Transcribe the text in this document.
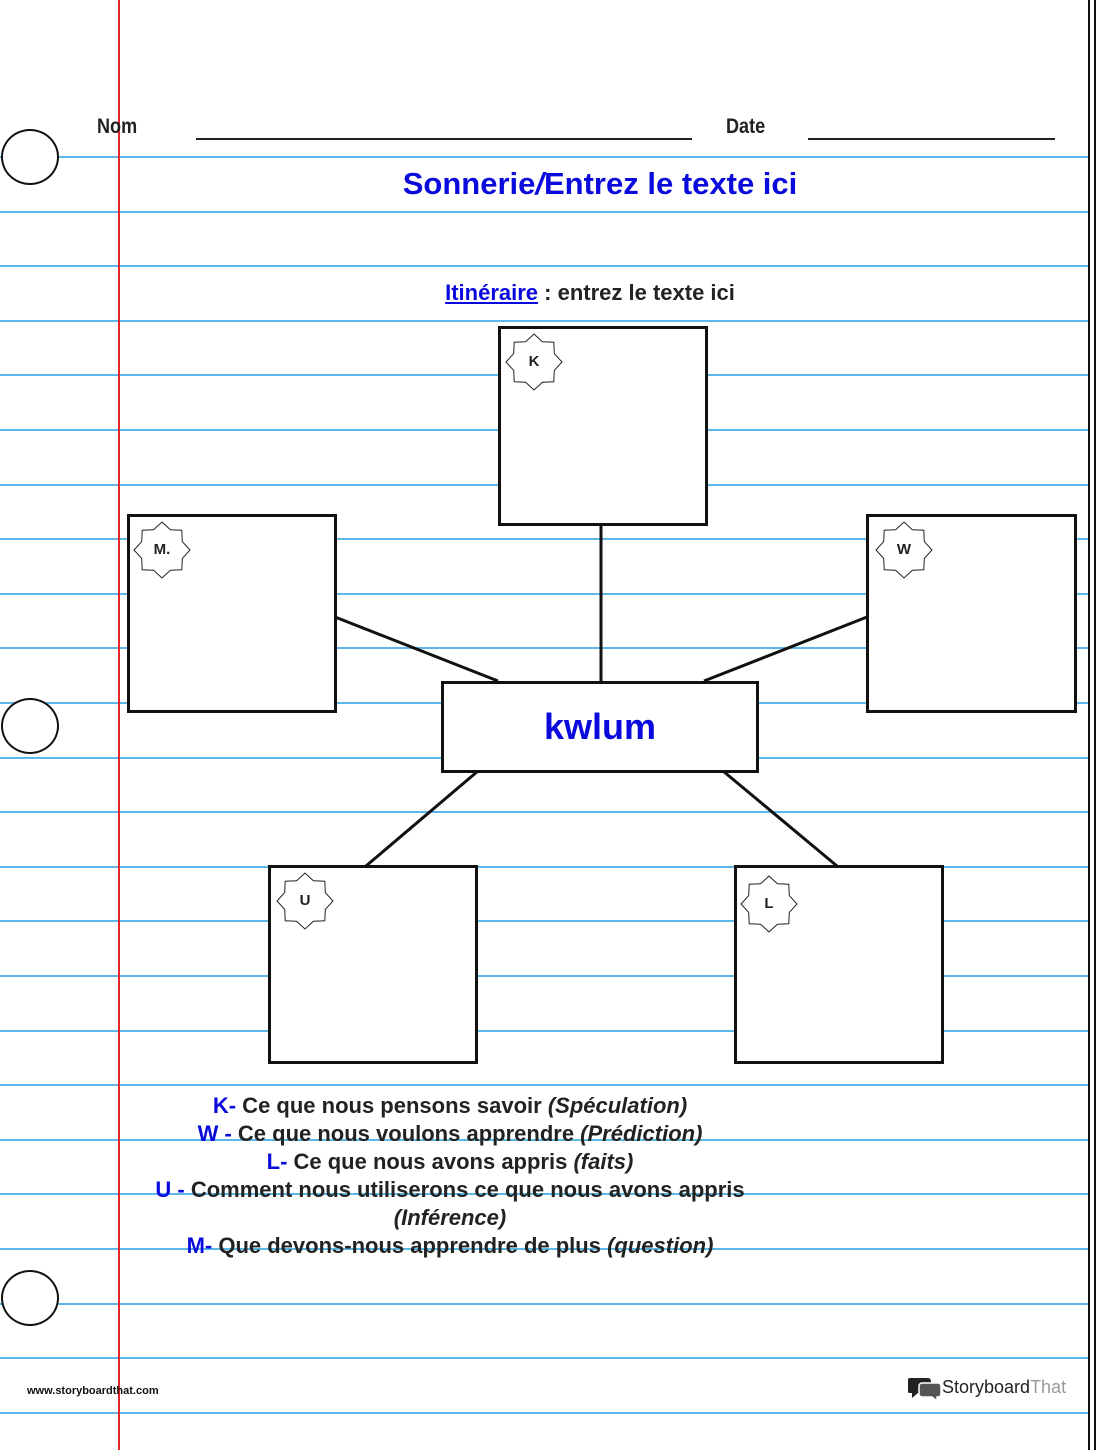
Nom	Date
Sonnerie/Entrez le texte ici
Itinéraire : entrez le texte ici
K
M.	W
U	L
kwlum
K- Ce que nous pensons savoir (Spéculation)
W - Ce que nous voulons apprendre (Prédiction)
L- Ce que nous avons appris (faits)
U - Comment nous utiliserons ce que nous avons appris
(Inférence)
M- Que devons-nous apprendre de plus (question)
www.storyboardthat.com	Storyboard That
